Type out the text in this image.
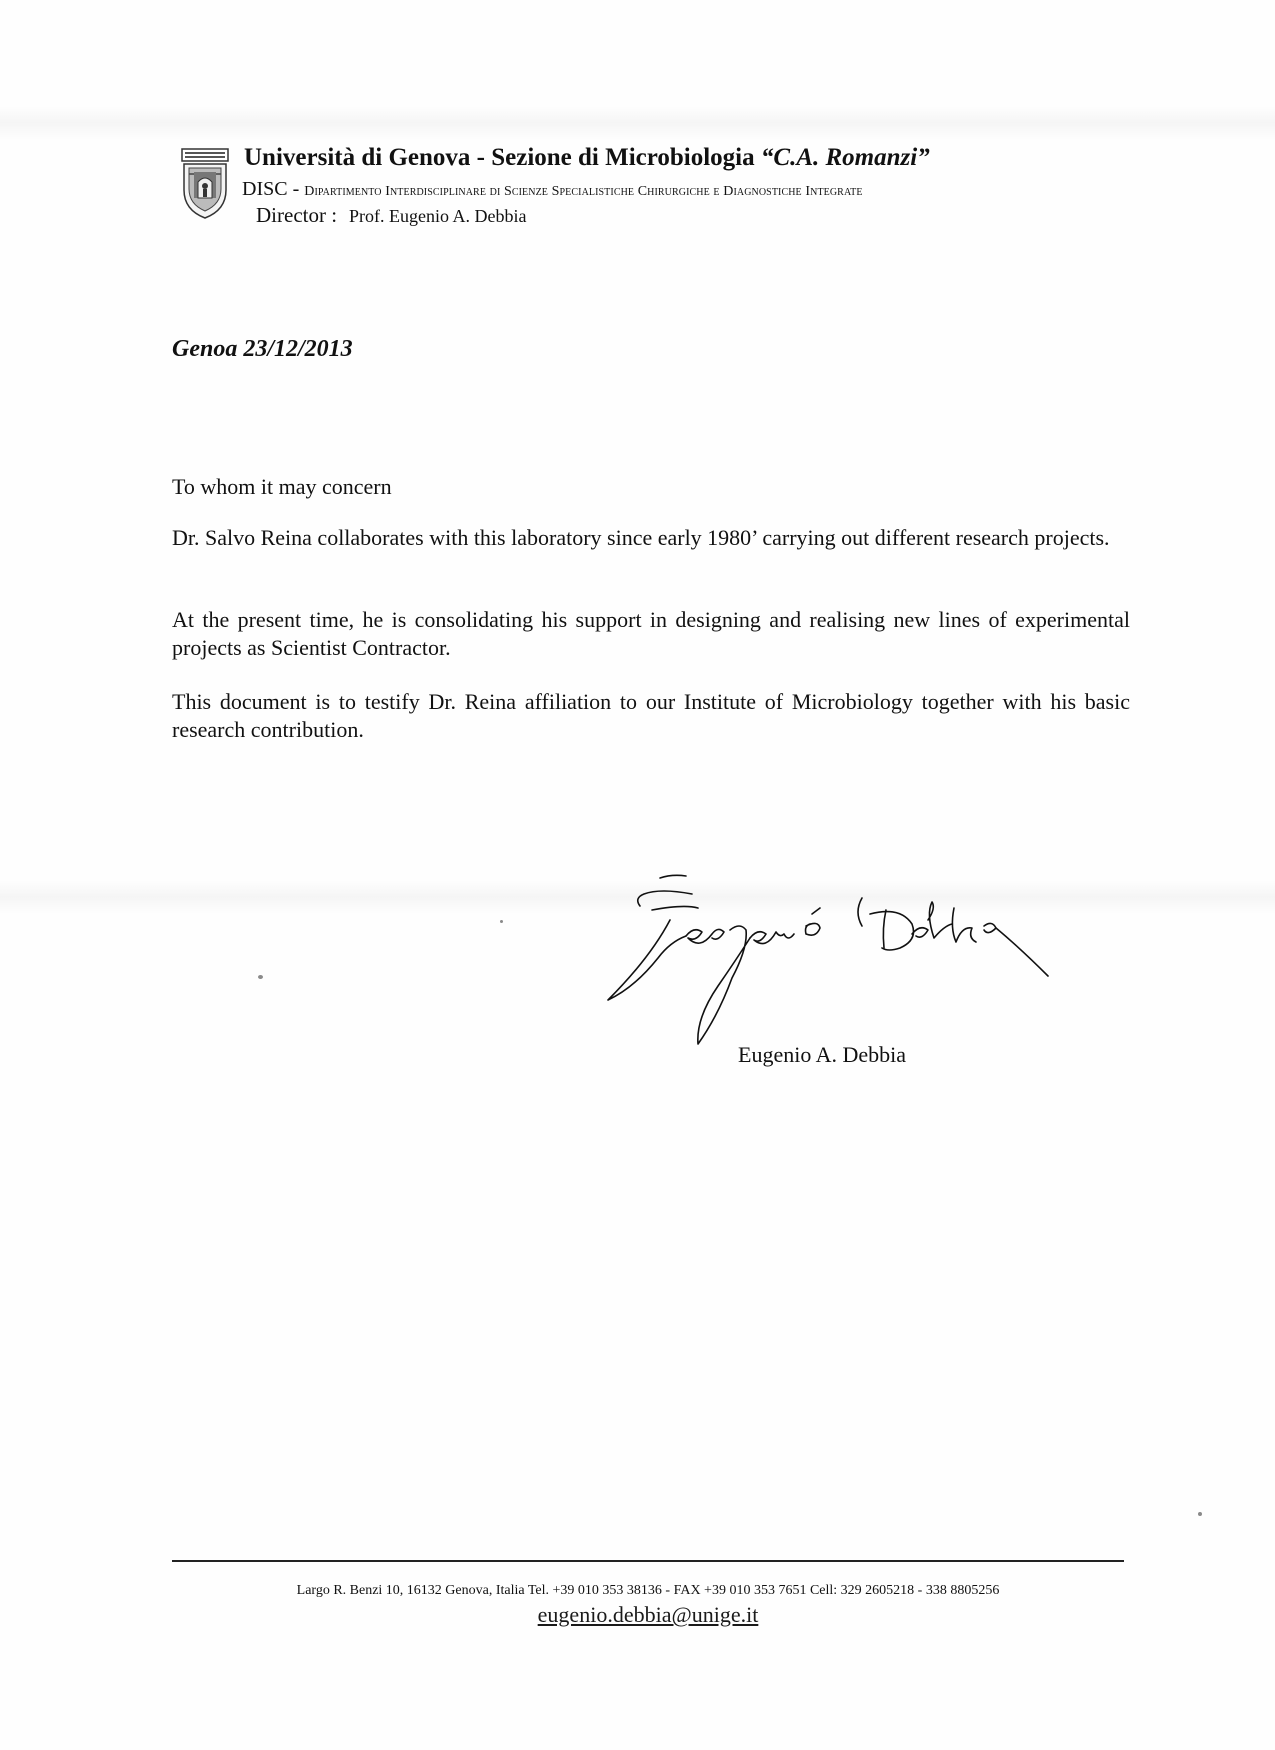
Università di Genova - Sezione di Microbiologia “C.A. Romanzi”
DISC - Dipartimento Interdisciplinare di Scienze Specialistiche Chirurgiche e Diagnostiche Integrate
Director : Prof. Eugenio A. Debbia
Genoa 23/12/2013
To whom it may concern
Dr. Salvo Reina collaborates with this laboratory since early 1980’ carrying out different research projects.
At the present time, he is consolidating his support in designing and realising new lines of experimental projects as Scientist Contractor.
This document is to testify Dr. Reina affiliation to our Institute of Microbiology together with his basic research contribution.
Eugenio A. Debbia
Largo R. Benzi 10, 16132 Genova, Italia Tel. +39 010 353 38136 - FAX +39 010 353 7651 Cell: 329 2605218 - 338 8805256
eugenio.debbia@unige.it
